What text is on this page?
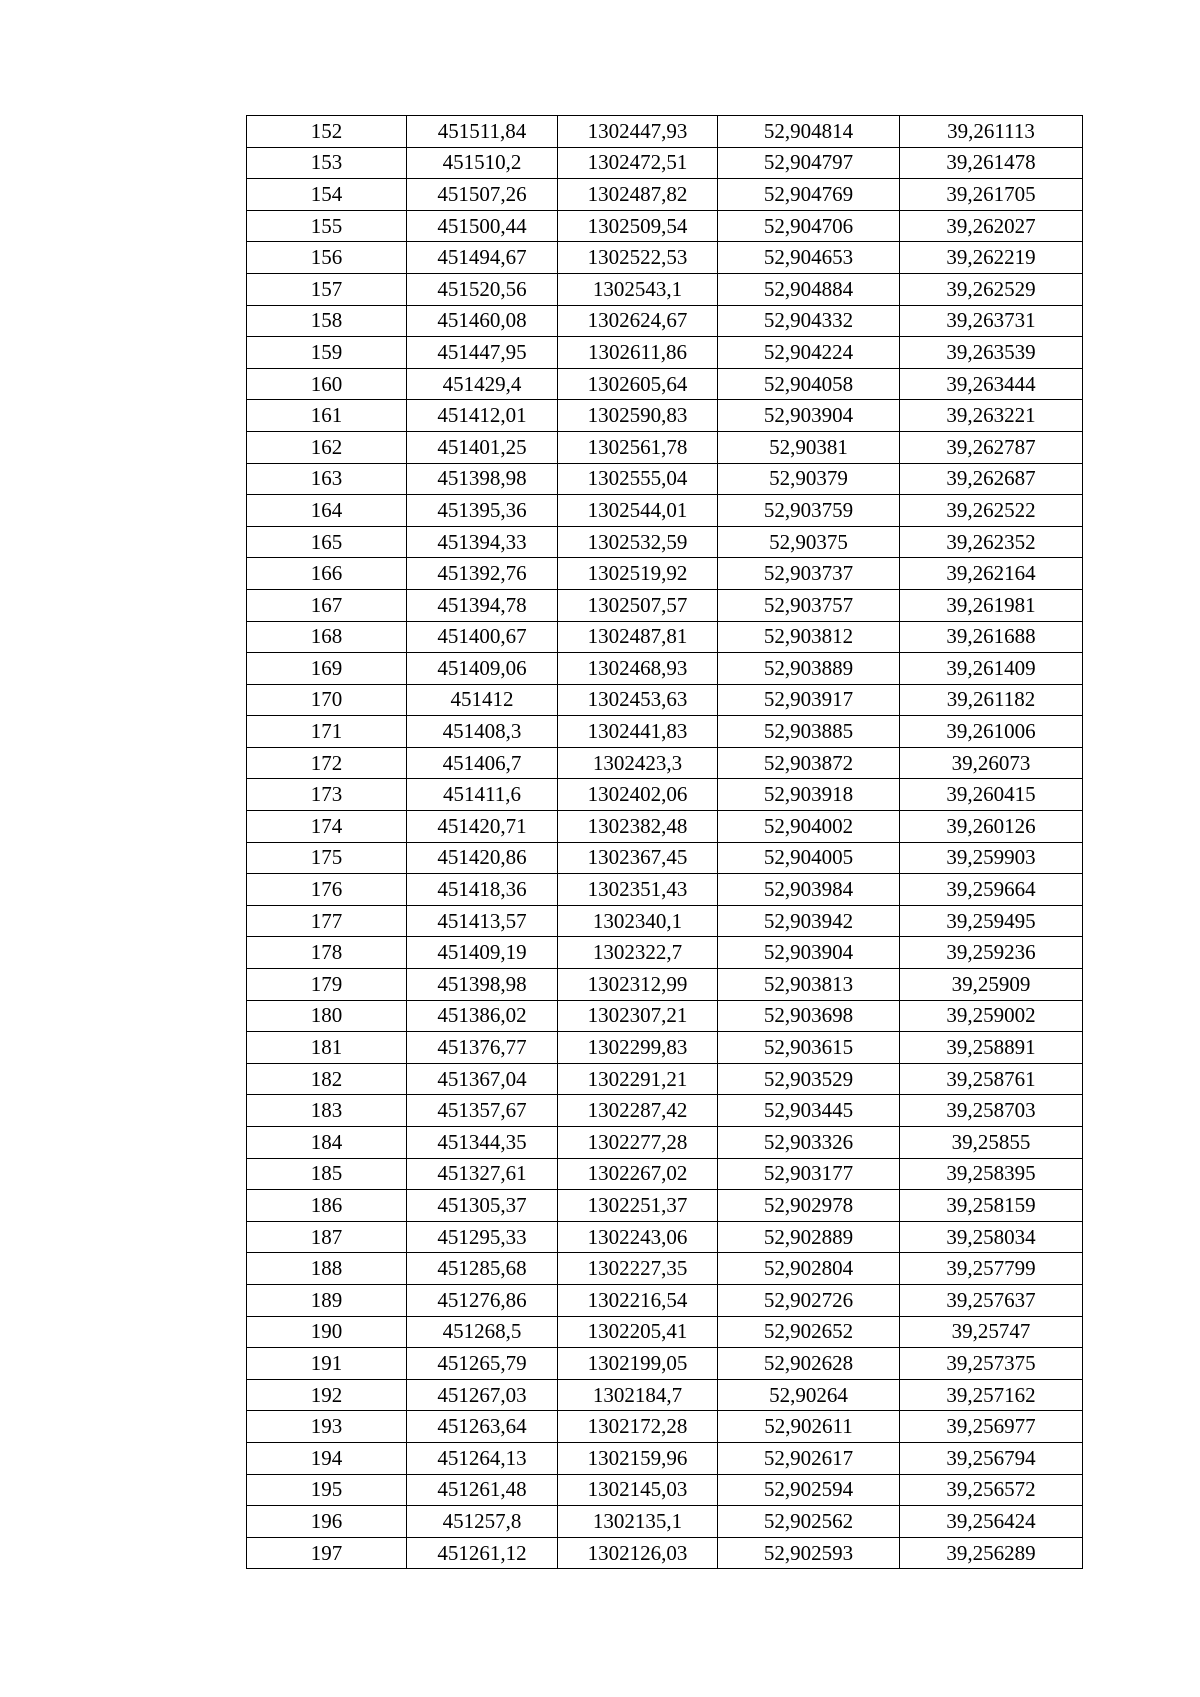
152	451511,84	1302447,93	52,904814	39,261113
153	451510,2	1302472,51	52,904797	39,261478
154	451507,26	1302487,82	52,904769	39,261705
155	451500,44	1302509,54	52,904706	39,262027
156	451494,67	1302522,53	52,904653	39,262219
157	451520,56	1302543,1	52,904884	39,262529
158	451460,08	1302624,67	52,904332	39,263731
159	451447,95	1302611,86	52,904224	39,263539
160	451429,4	1302605,64	52,904058	39,263444
161	451412,01	1302590,83	52,903904	39,263221
162	451401,25	1302561,78	52,90381	39,262787
163	451398,98	1302555,04	52,90379	39,262687
164	451395,36	1302544,01	52,903759	39,262522
165	451394,33	1302532,59	52,90375	39,262352
166	451392,76	1302519,92	52,903737	39,262164
167	451394,78	1302507,57	52,903757	39,261981
168	451400,67	1302487,81	52,903812	39,261688
169	451409,06	1302468,93	52,903889	39,261409
170	451412	1302453,63	52,903917	39,261182
171	451408,3	1302441,83	52,903885	39,261006
172	451406,7	1302423,3	52,903872	39,26073
173	451411,6	1302402,06	52,903918	39,260415
174	451420,71	1302382,48	52,904002	39,260126
175	451420,86	1302367,45	52,904005	39,259903
176	451418,36	1302351,43	52,903984	39,259664
177	451413,57	1302340,1	52,903942	39,259495
178	451409,19	1302322,7	52,903904	39,259236
179	451398,98	1302312,99	52,903813	39,25909
180	451386,02	1302307,21	52,903698	39,259002
181	451376,77	1302299,83	52,903615	39,258891
182	451367,04	1302291,21	52,903529	39,258761
183	451357,67	1302287,42	52,903445	39,258703
184	451344,35	1302277,28	52,903326	39,25855
185	451327,61	1302267,02	52,903177	39,258395
186	451305,37	1302251,37	52,902978	39,258159
187	451295,33	1302243,06	52,902889	39,258034
188	451285,68	1302227,35	52,902804	39,257799
189	451276,86	1302216,54	52,902726	39,257637
190	451268,5	1302205,41	52,902652	39,25747
191	451265,79	1302199,05	52,902628	39,257375
192	451267,03	1302184,7	52,90264	39,257162
193	451263,64	1302172,28	52,902611	39,256977
194	451264,13	1302159,96	52,902617	39,256794
195	451261,48	1302145,03	52,902594	39,256572
196	451257,8	1302135,1	52,902562	39,256424
197	451261,12	1302126,03	52,902593	39,256289
